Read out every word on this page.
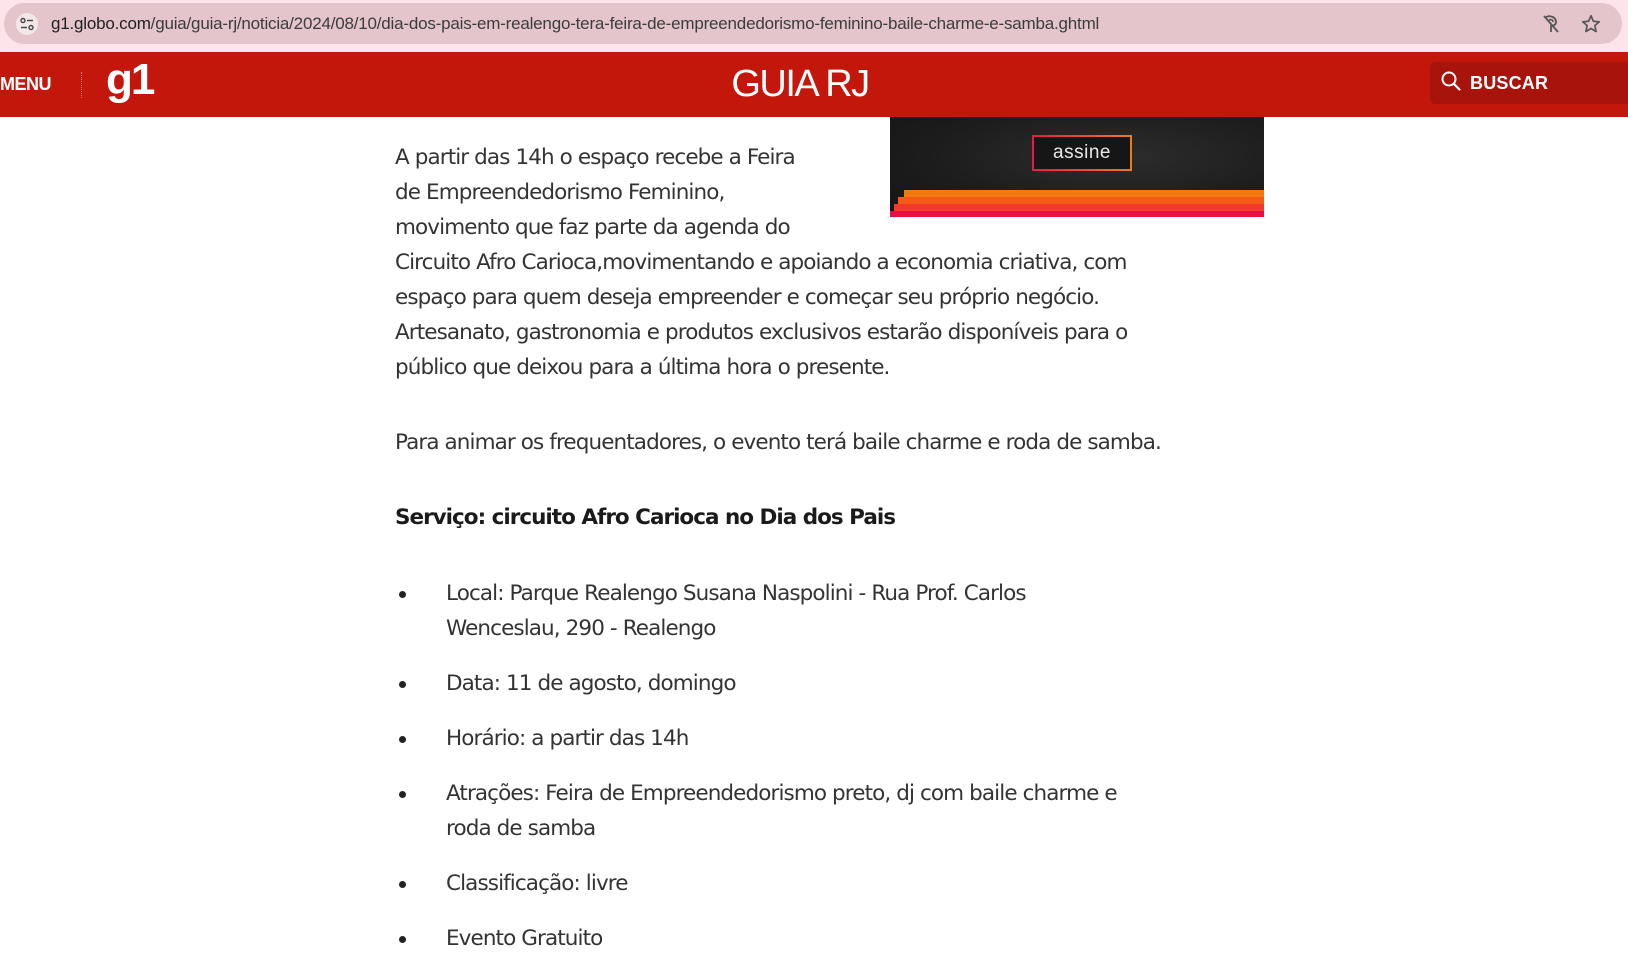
g1.globo.com/guia/guia-rj/noticia/2024/08/10/dia-dos-pais-em-realengo-tera-feira-de-empreendedorismo-feminino-baile-charme-e-samba.ghtml
MENU g1	GUIA RJ	BUSCAR
assine

A partir das 14h o espaço recebe a Feira
de Empreendedorismo Feminino,
movimento que faz parte da agenda do
Circuito Afro Carioca,movimentando e apoiando a economia criativa, com
espaço para quem deseja empreender e começar seu próprio negócio.
Artesanato, gastronomia e produtos exclusivos estarão disponíveis para o
público que deixou para a última hora o presente.

Para animar os frequentadores, o evento terá baile charme e roda de samba.

Serviço: circuito Afro Carioca no Dia dos Pais
Local: Parque Realengo Susana Naspolini - Rua Prof. Carlos
Wenceslau, 290 - Realengo
Data: 11 de agosto, domingo
Horário: a partir das 14h
Atrações: Feira de Empreendedorismo preto, dj com baile charme e
roda de samba
Classificação: livre
Evento Gratuito
